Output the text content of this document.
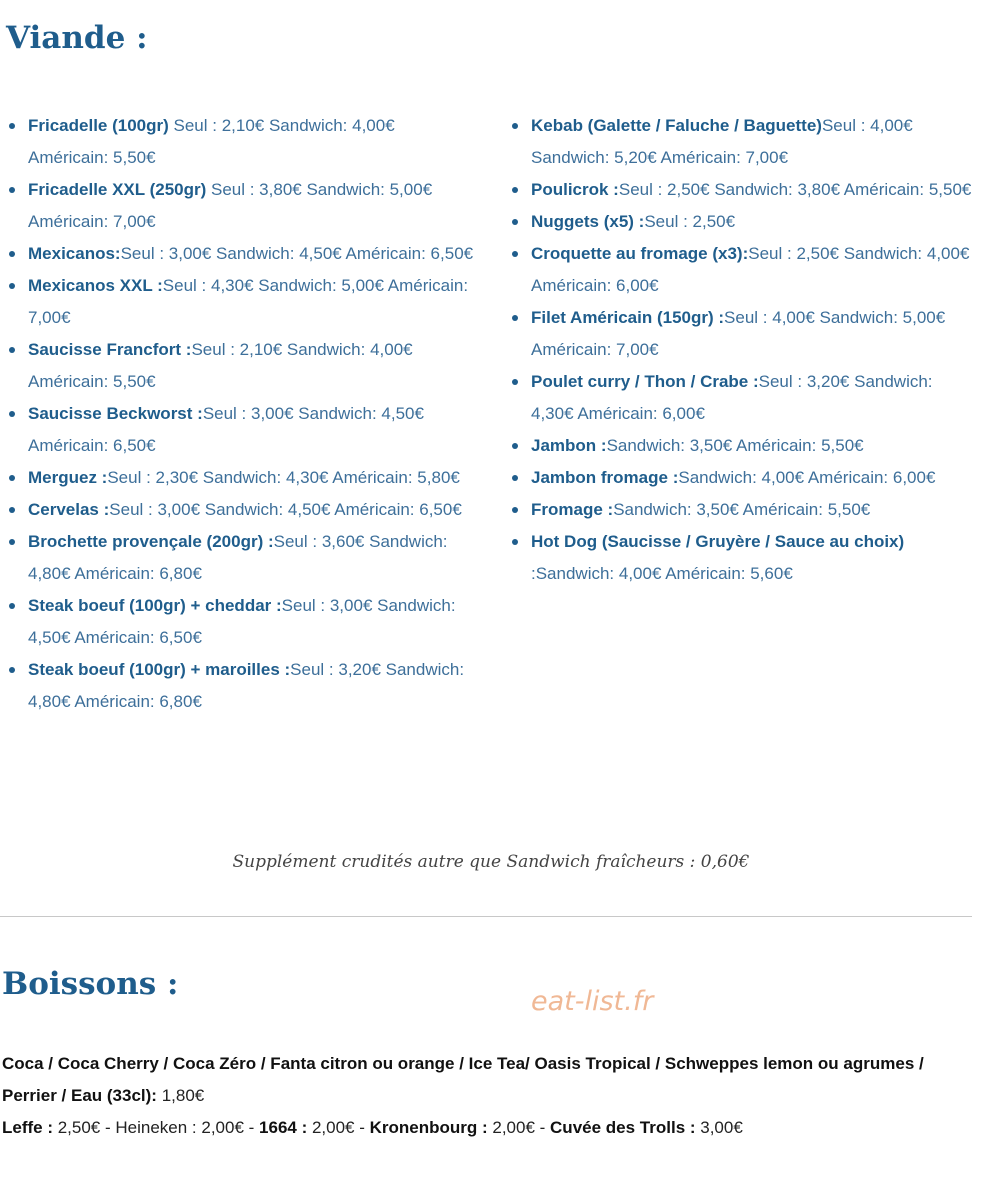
Viande :
Fricadelle (100gr) Seul : 2,10€ Sandwich: 4,00€ Américain: 5,50€
Fricadelle XXL (250gr) Seul : 3,80€ Sandwich: 5,00€ Américain: 7,00€
Mexicanos:Seul : 3,00€ Sandwich: 4,50€ Américain: 6,50€
Mexicanos XXL :Seul : 4,30€ Sandwich: 5,00€ Américain: 7,00€
Saucisse Francfort :Seul : 2,10€ Sandwich: 4,00€ Américain: 5,50€
Saucisse Beckworst :Seul : 3,00€ Sandwich: 4,50€ Américain: 6,50€
Merguez :Seul : 2,30€ Sandwich: 4,30€ Américain: 5,80€
Cervelas :Seul : 3,00€ Sandwich: 4,50€ Américain: 6,50€
Brochette provençale (200gr) :Seul : 3,60€ Sandwich: 4,80€ Américain: 6,80€
Steak boeuf (100gr) + cheddar :Seul : 3,00€ Sandwich: 4,50€ Américain: 6,50€
Steak boeuf (100gr) + maroilles :Seul : 3,20€ Sandwich: 4,80€ Américain: 6,80€
Kebab (Galette / Faluche / Baguette)Seul : 4,00€ Sandwich: 5,20€ Américain: 7,00€
Poulicrok :Seul : 2,50€ Sandwich: 3,80€ Américain: 5,50€
Nuggets (x5) :Seul : 2,50€
Croquette au fromage (x3):Seul : 2,50€ Sandwich: 4,00€ Américain: 6,00€
Filet Américain (150gr) :Seul : 4,00€ Sandwich: 5,00€ Américain: 7,00€
Poulet curry / Thon / Crabe :Seul : 3,20€ Sandwich: 4,30€ Américain: 6,00€
Jambon :Sandwich: 3,50€ Américain: 5,50€
Jambon fromage :Sandwich: 4,00€ Américain: 6,00€
Fromage :Sandwich: 3,50€ Américain: 5,50€
Hot Dog (Saucisse / Gruyère / Sauce au choix) :Sandwich: 4,00€ Américain: 5,60€

Supplément crudités autre que Sandwich fraîcheurs : 0,60€

Boissons :	eat-list.fr

Coca / Coca Cherry / Coca Zéro / Fanta citron ou orange / Ice Tea/ Oasis Tropical / Schweppes lemon ou agrumes / Perrier / Eau (33cl): 1,80€

Leffe : 2,50€ - Heineken : 2,00€ - 1664 : 2,00€ - Kronenbourg : 2,00€ - Cuvée des Trolls : 3,00€
